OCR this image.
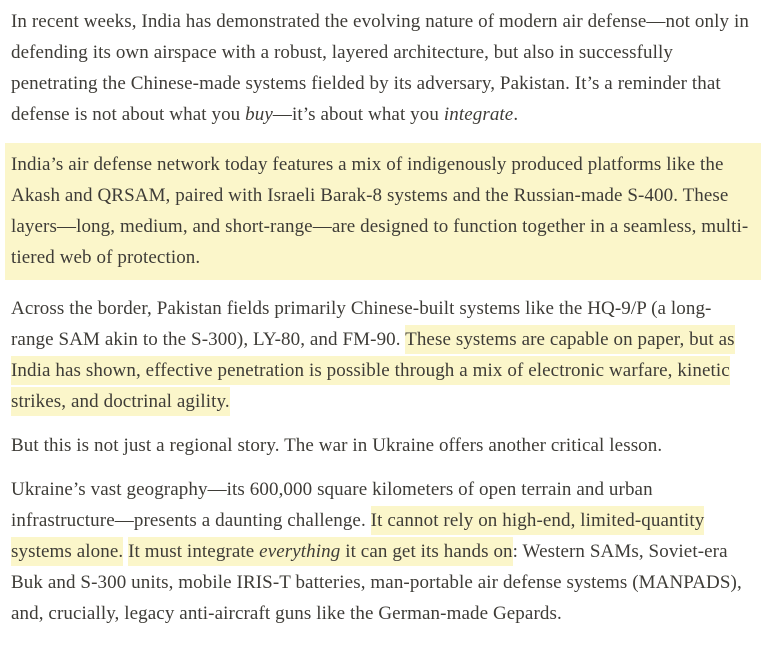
In recent weeks, India has demonstrated the evolving nature of modern air defense—not only in defending its own airspace with a robust, layered architecture, but also in successfully penetrating the Chinese-made systems fielded by its adversary, Pakistan. It’s a reminder that defense is not about what you buy—it’s about what you integrate.

India’s air defense network today features a mix of indigenously produced platforms like the Akash and QRSAM, paired with Israeli Barak-8 systems and the Russian-made S-400. These layers—long, medium, and short-range—are designed to function together in a seamless, multi-tiered web of protection.

Across the border, Pakistan fields primarily Chinese-built systems like the HQ-9/P (a long-range SAM akin to the S-300), LY-80, and FM-90. These systems are capable on paper, but as India has shown, effective penetration is possible through a mix of electronic warfare, kinetic strikes, and doctrinal agility.

But this is not just a regional story. The war in Ukraine offers another critical lesson.

Ukraine’s vast geography—its 600,000 square kilometers of open terrain and urban infrastructure—presents a daunting challenge. It cannot rely on high-end, limited-quantity systems alone. It must integrate everything it can get its hands on: Western SAMs, Soviet-era Buk and S-300 units, mobile IRIS-T batteries, man-portable air defense systems (MANPADS), and, crucially, legacy anti-aircraft guns like the German-made Gepards.
